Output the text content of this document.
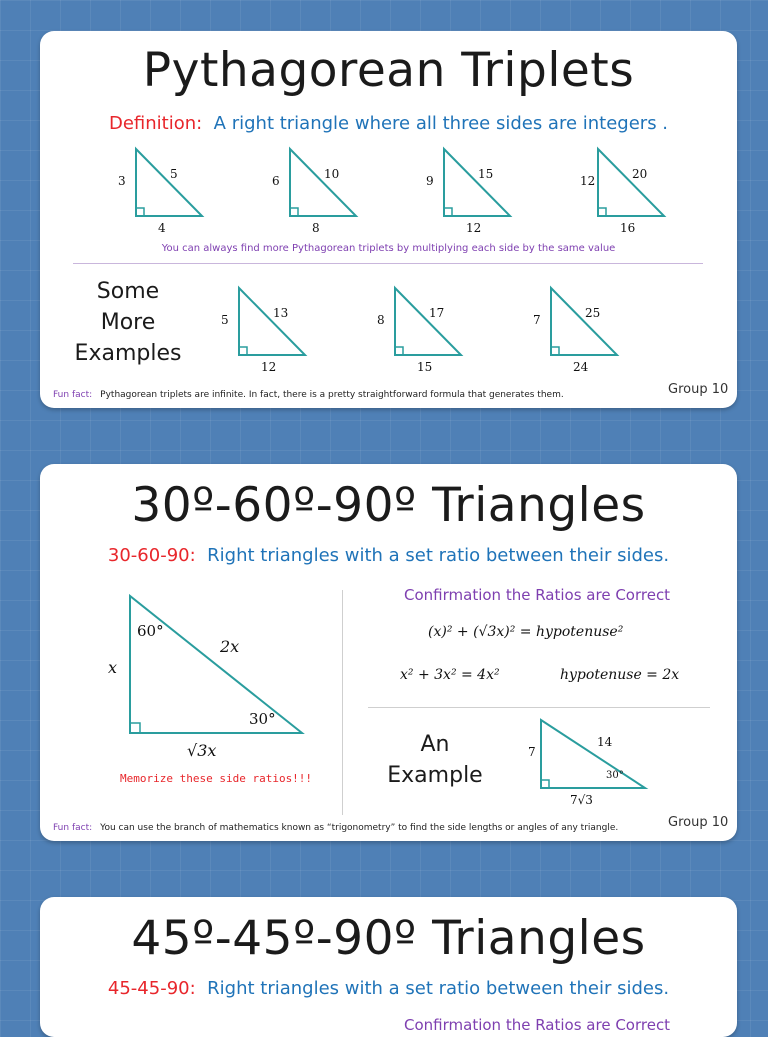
Pythagorean Triplets
Definition: A right triangle where all three sides are integers .
You can always find more Pythagorean triplets by multiplying each side by the same value
Some
More
Examples
Fun fact: Pythagorean triplets are infinite. In fact, there is a pretty straightforward formula that generates them.	Group 10
3
4
5	6
8
10	9
12
15	12
16
20
5
12
13	8
15
17	7
24
25
30º-60º-90º Triangles
30-60-90: Right triangles with a set ratio between their sides.
60°
30°
x
2x
√3x
Memorize these side ratios!!!
Confirmation the Ratios are Correct
(x)² + (√3x)² = hypotenuse²
x² + 3x² = 4x²	hypotenuse = 2x
An
Example
7
14
30°
7√3
Fun fact: You can use the branch of mathematics known as “trigonometry” to find the side lengths or angles of any triangle.	Group 10
45º-45º-90º Triangles
45-45-90: Right triangles with a set ratio between their sides.
Confirmation the Ratios are Correct
